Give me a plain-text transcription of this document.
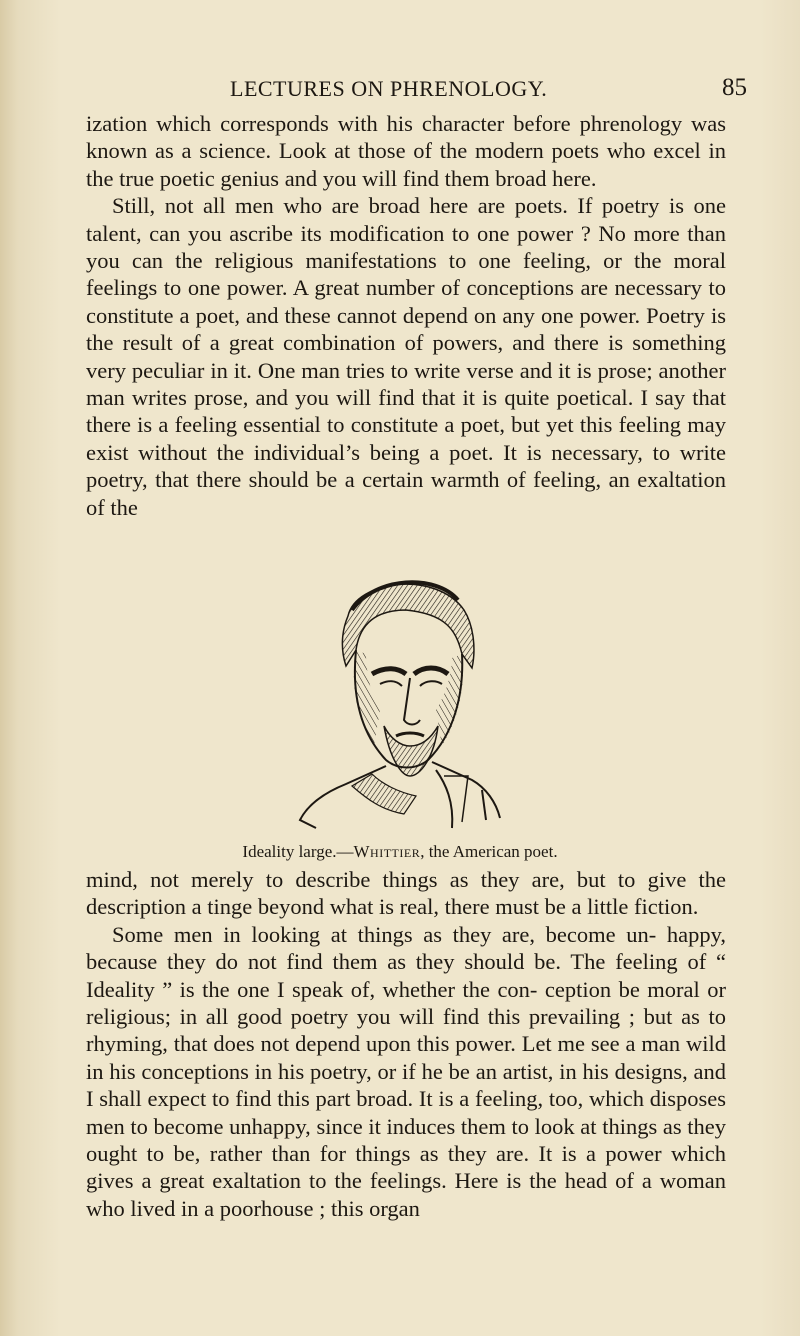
LECTURES ON PHRENOLOGY.	85

ization which corresponds with his character before phrenology was known as a science. Look at those of the modern poets who excel in the true poetic genius and you will find them broad here.

Still, not all men who are broad here are poets. If poetry is one talent, can you ascribe its modification to one power ? No more than you can the religious manifestations to one feeling, or the moral feelings to one power. A great number of conceptions are necessary to constitute a poet, and these cannot depend on any one power. Poetry is the result of a great combination of powers, and there is something very peculiar in it. One man tries to write verse and it is prose; another man writes prose, and you will find that it is quite poetical. I say that there is a feeling essential to constitute a poet, but yet this feeling may exist without the individual’s being a poet. It is necessary, to write poetry, that there should be a certain warmth of feeling, an exaltation of the

Ideality large.—Whittier, the American poet.

mind, not merely to describe things as they are, but to give the description a tinge beyond what is real, there must be a little fiction.

Some men in looking at things as they are, become un- happy, because they do not find them as they should be. The feeling of “ Ideality ” is the one I speak of, whether the con- ception be moral or religious; in all good poetry you will find this prevailing ; but as to rhyming, that does not depend upon this power. Let me see a man wild in his conceptions in his poetry, or if he be an artist, in his designs, and I shall expect to find this part broad. It is a feeling, too, which disposes men to become unhappy, since it induces them to look at things as they ought to be, rather than for things as they are. It is a power which gives a great exaltation to the feelings. Here is the head of a woman who lived in a poorhouse ; this organ
